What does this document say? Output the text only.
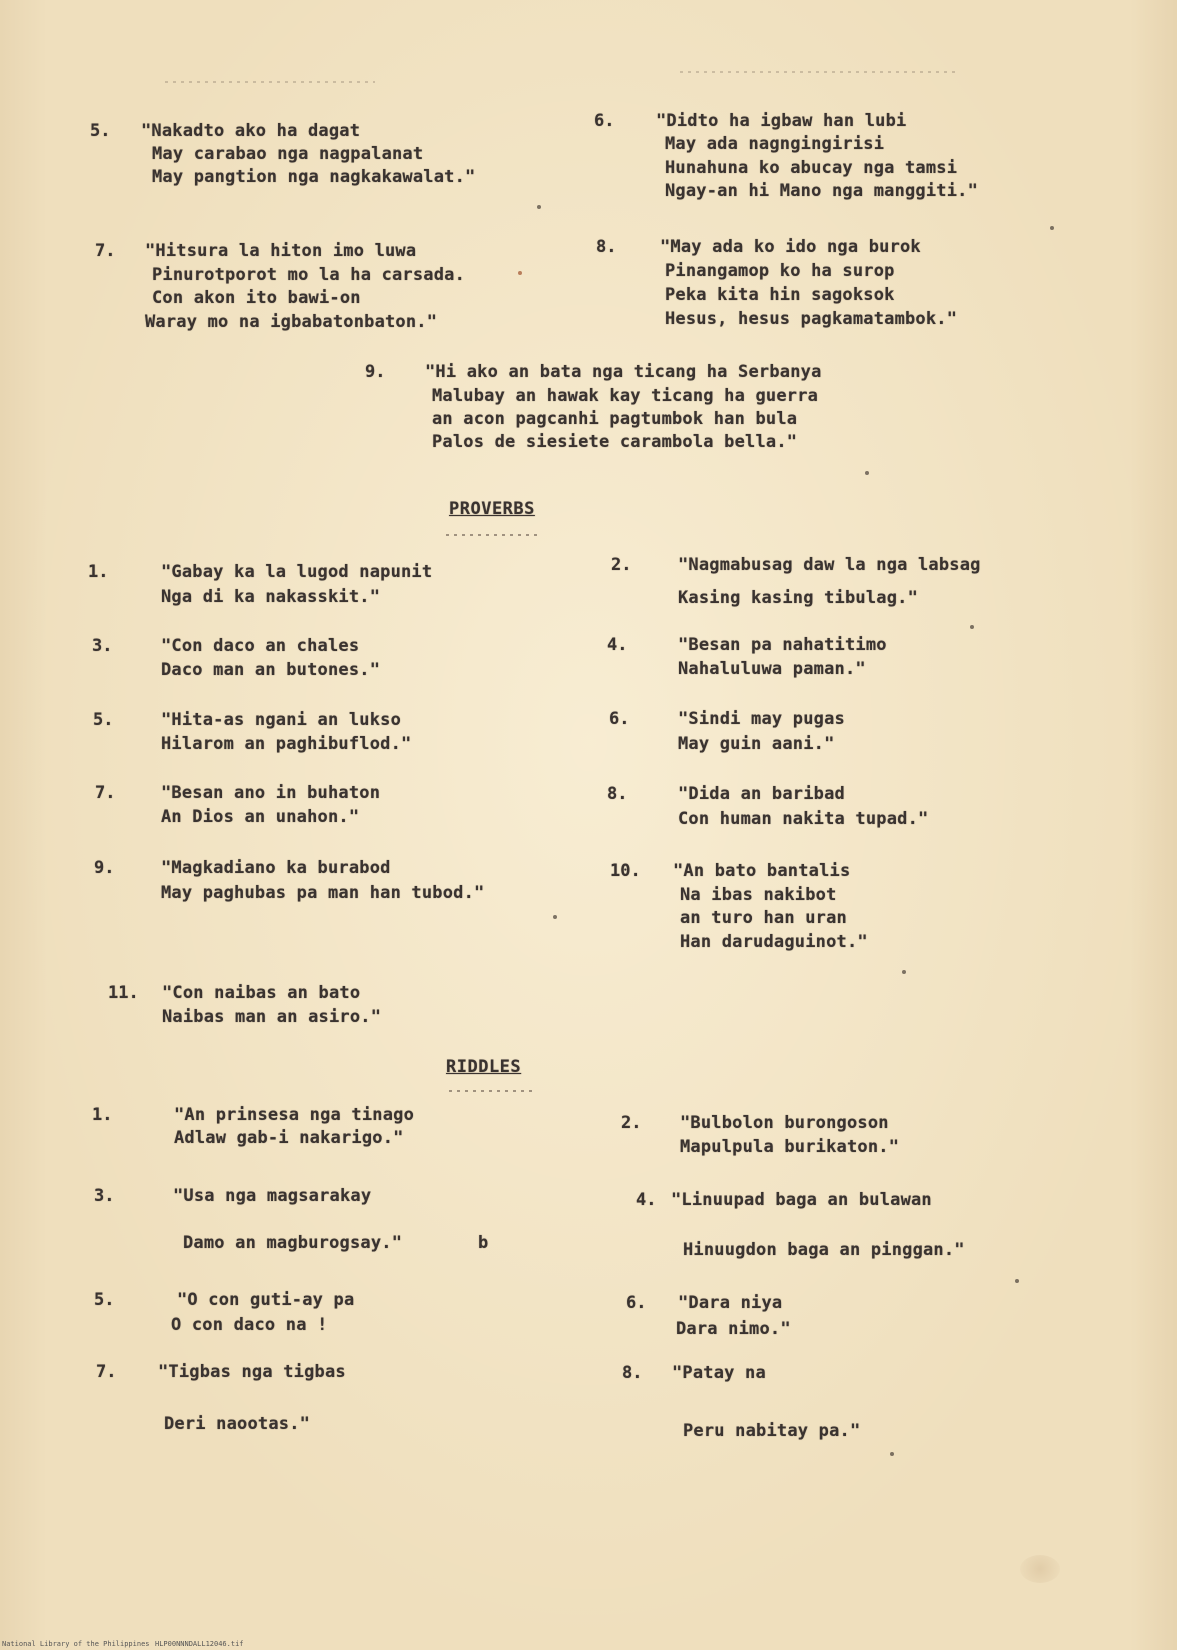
5. "Nakadto ako ha dagat
May carabao nga nagpalanat
May pangtion nga nagkakawalat."
6. "Didto ha igbaw han lubi
May ada nagngingirisi
Hunahuna ko abucay nga tamsi
Ngay-an hi Mano nga manggiti."
7. "Hitsura la hiton imo luwa
Pinurotporot mo la ha carsada.
Con akon ito bawi-on
Waray mo na igbabatonbaton."
8.	"May ada ko ido nga burok
Pinangamop ko ha surop
Peka kita hin sagoksok
Hesus, hesus pagkamatambok."
9. "Hi ako an bata nga ticang ha Serbanya
Malubay an hawak kay ticang ha guerra
an acon pagcanhi pagtumbok han bula
Palos de siesiete carambola bella."
PROVERBS
1.	"Gabay ka la lugod napunit
Nga di ka nakasskit."
2.	"Nagmabusag daw la nga labsag
Kasing kasing tibulag."
3.	"Con daco an chales
Daco man an butones."
4.	"Besan pa nahatitimo
Nahaluluwa paman."
5.	"Hita-as ngani an lukso
Hilarom an paghibuflod."
6.	"Sindi may pugas
May guin aani."
7.	"Besan ano in buhaton
An Dios an unahon."
8.	"Dida an baribad
Con human nakita tupad."
9.	"Magkadiano ka burabod
May paghubas pa man han tubod."
10. "An bato bantalis
Na ibas nakibot
an turo han uran
Han darudaguinot."
11. "Con naibas an bato
Naibas man an asiro."
RIDDLES
1.	"An prinsesa nga tinago
Adlaw gab-i nakarigo."
2. "Bulbolon burongoson
Mapulpula burikaton."
3.	"Usa nga magsarakay
Damo an magburogsay."	b
4. "Linuupad baga an bulawan
Hinuugdon baga an pinggan."
5.	"O con guti-ay pa
O con daco na !
6. "Dara niya
Dara nimo."
7. "Tigbas nga tigbas
Deri naootas."
8. "Patay na
Peru nabitay pa."
National Library of the Philippines HLP00NNNDALL12046.tif
